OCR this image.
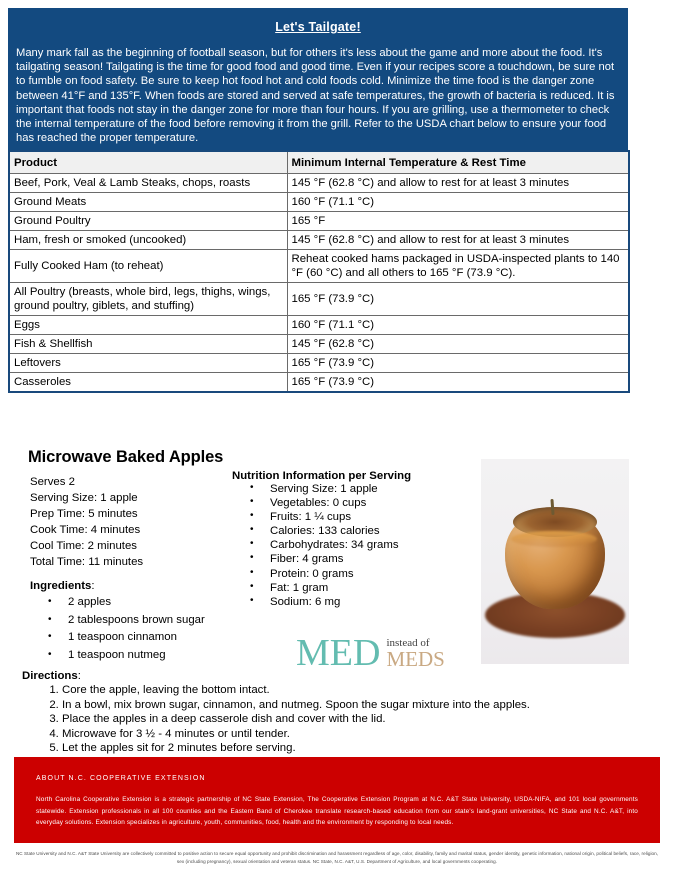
Let's Tailgate!

Many mark fall as the beginning of football season, but for others it's less about the game and more about the food. It's tailgating season! Tailgating is the time for good food and good time. Even if your recipes score a touchdown, be sure not to fumble on food safety. Be sure to keep hot food hot and cold foods cold. Minimize the time food is the danger zone between 41°F and 135°F. When foods are stored and served at safe temperatures, the growth of bacteria is reduced. It is important that foods not stay in the danger zone for more than four hours. If you are grilling, use a thermometer to check the internal temperature of the food before removing it from the grill. Refer to the USDA chart below to ensure your food has reached the proper temperature.

Product	Minimum Internal Temperature & Rest Time
Beef, Pork, Veal & Lamb Steaks, chops, roasts	145 °F (62.8 °C) and allow to rest for at least 3 minutes
Ground Meats	160 °F (71.1 °C)
Ground Poultry	165 °F
Ham, fresh or smoked (uncooked)	145 °F (62.8 °C) and allow to rest for at least 3 minutes
Fully Cooked Ham (to reheat)	Reheat cooked hams packaged in USDA-inspected plants to 140 °F (60 °C) and all others to 165 °F (73.9 °C).
All Poultry (breasts, whole bird, legs, thighs, wings, ground poultry, giblets, and stuffing)	165 °F (73.9 °C)
Eggs	160 °F (71.1 °C)
Fish & Shellfish	145 °F (62.8 °C)
Leftovers	165 °F (73.9 °C)
Casseroles	165 °F (73.9 °C)
Microwave Baked Apples
Serves 2
Serving Size: 1 apple
Prep Time: 5 minutes
Cook Time: 4 minutes
Cool Time: 2 minutes
Total Time: 11 minutes
Ingredients:
• 2 apples
• 2 tablespoons brown sugar
• 1 teaspoon cinnamon
• 1 teaspoon nutmeg
Directions:
1. Core the apple, leaving the bottom intact.
2. In a bowl, mix brown sugar, cinnamon, and nutmeg. Spoon the sugar mixture into the apples.
3. Place the apples in a deep casserole dish and cover with the lid.
4. Microwave for 3 ½ - 4 minutes or until tender.
5. Let the apples sit for 2 minutes before serving.
Nutrition Information per Serving
• Serving Size: 1 apple
• Vegetables: 0 cups
• Fruits: 1 ¼ cups
• Calories: 133 calories
• Carbohydrates: 34 grams
• Fiber: 4 grams
• Protein: 0 grams
• Fat: 1 gram
• Sodium: 6 mg
MED instead of
MEDS
ABOUT N.C. COOPERATIVE EXTENSION

North Carolina Cooperative Extension is a strategic partnership of NC State Extension, The Cooperative Extension Program at N.C. A&T State University, USDA-NIFA, and 101 local governments statewide. Extension professionals in all 100 counties and the Eastern Band of Cherokee translate research-based education from our state's land-grant universities, NC State and N.C. A&T, into everyday solutions. Extension specializes in agriculture, youth, communities, food, health and the environment by responding to local needs.

NC State University and N.C. A&T State University are collectively committed to positive action to secure equal opportunity and prohibit discrimination and harassment regardless of age, color, disability, family and marital status, gender identity, genetic information, national origin, political beliefs, race, religion, sex (including pregnancy), sexual orientation and veteran status. NC State, N.C. A&T, U.S. Department of Agriculture, and local governments cooperating.
